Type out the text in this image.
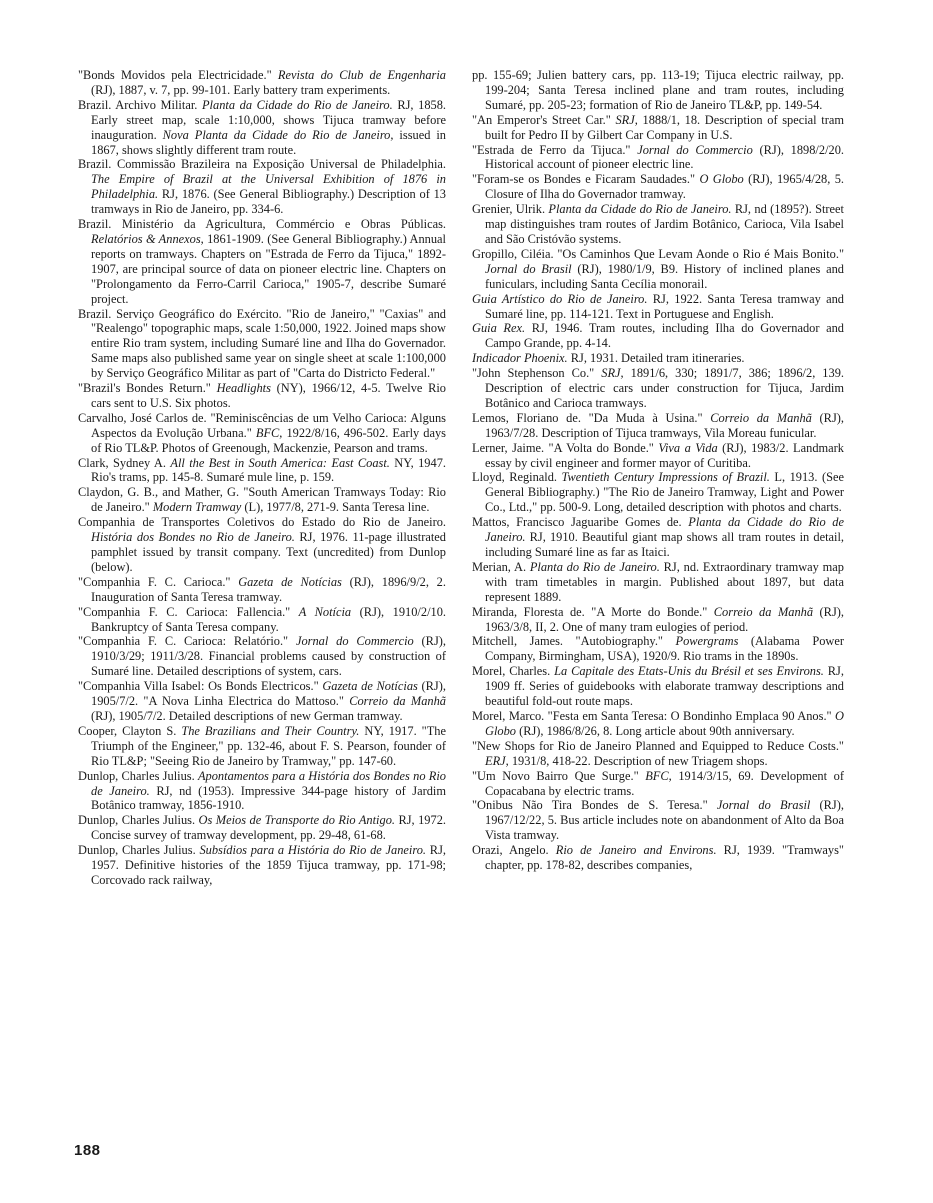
"Bonds Movidos pela Electricidade." Revista do Club de Engenharia (RJ), 1887, v. 7, pp. 99-101. Early battery tram experiments.

Brazil. Archivo Militar. Planta da Cidade do Rio de Janeiro. RJ, 1858. Early street map, scale 1:10,000, shows Tijuca tramway before inauguration. Nova Planta da Cidade do Rio de Janeiro, issued in 1867, shows slightly different tram route.

Brazil. Commissão Brazileira na Exposição Universal de Philadelphia. The Empire of Brazil at the Universal Exhibition of 1876 in Philadelphia. RJ, 1876. (See General Bibliography.) Description of 13 tramways in Rio de Janeiro, pp. 334-6.

Brazil. Ministério da Agricultura, Commércio e Obras Públicas. Relatórios & Annexos, 1861-1909. (See General Bibliography.) Annual reports on tramways. Chapters on "Estrada de Ferro da Tijuca," 1892-1907, are principal source of data on pioneer electric line. Chapters on "Prolongamento da Ferro-Carril Carioca," 1905-7, describe Sumaré project.

Brazil. Serviço Geográfico do Exército. "Rio de Janeiro," "Caxias" and "Realengo" topographic maps, scale 1:50,000, 1922. Joined maps show entire Rio tram system, including Sumaré line and Ilha do Governador. Same maps also published same year on single sheet at scale 1:100,000 by Serviço Geográfico Militar as part of "Carta do Districto Federal."

"Brazil's Bondes Return." Headlights (NY), 1966/12, 4-5. Twelve Rio cars sent to U.S. Six photos.

Carvalho, José Carlos de. "Reminiscências de um Velho Carioca: Alguns Aspectos da Evolução Urbana." BFC, 1922/8/16, 496-502. Early days of Rio TL&P. Photos of Greenough, Mackenzie, Pearson and trams.

Clark, Sydney A. All the Best in South America: East Coast. NY, 1947. Rio's trams, pp. 145-8. Sumaré mule line, p. 159.

Claydon, G. B., and Mather, G. "South American Tramways Today: Rio de Janeiro." Modern Tramway (L), 1977/8, 271-9. Santa Teresa line.

Companhia de Transportes Coletivos do Estado do Rio de Janeiro. História dos Bondes no Rio de Janeiro. RJ, 1976. 11-page illustrated pamphlet issued by transit company. Text (uncredited) from Dunlop (below).

"Companhia F. C. Carioca." Gazeta de Notícias (RJ), 1896/9/2, 2. Inauguration of Santa Teresa tramway.

"Companhia F. C. Carioca: Fallencia." A Notícia (RJ), 1910/2/10. Bankruptcy of Santa Teresa company.

"Companhia F. C. Carioca: Relatório." Jornal do Commercio (RJ), 1910/3/29; 1911/3/28. Financial problems caused by construction of Sumaré line. Detailed descriptions of system, cars.

"Companhia Villa Isabel: Os Bonds Electricos." Gazeta de Notícias (RJ), 1905/7/2. "A Nova Linha Electrica do Mattoso." Correio da Manhã (RJ), 1905/7/2. Detailed descriptions of new German tramway.

Cooper, Clayton S. The Brazilians and Their Country. NY, 1917. "The Triumph of the Engineer," pp. 132-46, about F. S. Pearson, founder of Rio TL&P; "Seeing Rio de Janeiro by Tramway," pp. 147-60.

Dunlop, Charles Julius. Apontamentos para a História dos Bondes no Rio de Janeiro. RJ, nd (1953). Impressive 344-page history of Jardim Botânico tramway, 1856-1910.

Dunlop, Charles Julius. Os Meios de Transporte do Rio Antigo. RJ, 1972. Concise survey of tramway development, pp. 29-48, 61-68.

Dunlop, Charles Julius. Subsídios para a História do Rio de Janeiro. RJ, 1957. Definitive histories of the 1859 Tijuca tramway, pp. 171-98; Corcovado rack railway,

pp. 155-69; Julien battery cars, pp. 113-19; Tijuca electric railway, pp. 199-204; Santa Teresa inclined plane and tram routes, including Sumaré, pp. 205-23; formation of Rio de Janeiro TL&P, pp. 149-54.

"An Emperor's Street Car." SRJ, 1888/1, 18. Description of special tram built for Pedro II by Gilbert Car Company in U.S.

"Estrada de Ferro da Tijuca." Jornal do Commercio (RJ), 1898/2/20. Historical account of pioneer electric line.

"Foram-se os Bondes e Ficaram Saudades." O Globo (RJ), 1965/4/28, 5. Closure of Ilha do Governador tramway.

Grenier, Ulrik. Planta da Cidade do Rio de Janeiro. RJ, nd (1895?). Street map distinguishes tram routes of Jardim Botânico, Carioca, Vila Isabel and São Cristóvão systems.

Gropillo, Ciléia. "Os Caminhos Que Levam Aonde o Rio é Mais Bonito." Jornal do Brasil (RJ), 1980/1/9, B9. History of inclined planes and funiculars, including Santa Cecília monorail.

Guia Artístico do Rio de Janeiro. RJ, 1922. Santa Teresa tramway and Sumaré line, pp. 114-121. Text in Portuguese and English.

Guia Rex. RJ, 1946. Tram routes, including Ilha do Governador and Campo Grande, pp. 4-14.

Indicador Phoenix. RJ, 1931. Detailed tram itineraries.

"John Stephenson Co." SRJ, 1891/6, 330; 1891/7, 386; 1896/2, 139. Description of electric cars under construction for Tijuca, Jardim Botânico and Carioca tramways.

Lemos, Floriano de. "Da Muda à Usina." Correio da Manhã (RJ), 1963/7/28. Description of Tijuca tramways, Vila Moreau funicular.

Lerner, Jaime. "A Volta do Bonde." Viva a Vida (RJ), 1983/2. Landmark essay by civil engineer and former mayor of Curitiba.

Lloyd, Reginald. Twentieth Century Impressions of Brazil. L, 1913. (See General Bibliography.) "The Rio de Janeiro Tramway, Light and Power Co., Ltd.," pp. 500-9. Long, detailed description with photos and charts.

Mattos, Francisco Jaguaribe Gomes de. Planta da Cidade do Rio de Janeiro. RJ, 1910. Beautiful giant map shows all tram routes in detail, including Sumaré line as far as Itaici.

Merian, A. Planta do Rio de Janeiro. RJ, nd. Extraordinary tramway map with tram timetables in margin. Published about 1897, but data represent 1889.

Miranda, Floresta de. "A Morte do Bonde." Correio da Manhã (RJ), 1963/3/8, II, 2. One of many tram eulogies of period.

Mitchell, James. "Autobiography." Powergrams (Alabama Power Company, Birmingham, USA), 1920/9. Rio trams in the 1890s.

Morel, Charles. La Capitale des Etats-Unis du Brésil et ses Environs. RJ, 1909 ff. Series of guidebooks with elaborate tramway descriptions and beautiful fold-out route maps.

Morel, Marco. "Festa em Santa Teresa: O Bondinho Emplaca 90 Anos." O Globo (RJ), 1986/8/26, 8. Long article about 90th anniversary.

"New Shops for Rio de Janeiro Planned and Equipped to Reduce Costs." ERJ, 1931/8, 418-22. Description of new Triagem shops.

"Um Novo Bairro Que Surge." BFC, 1914/3/15, 69. Development of Copacabana by electric trams.

"Onibus Não Tira Bondes de S. Teresa." Jornal do Brasil (RJ), 1967/12/22, 5. Bus article includes note on abandonment of Alto da Boa Vista tramway.

Orazi, Angelo. Rio de Janeiro and Environs. RJ, 1939. "Tramways" chapter, pp. 178-82, describes companies,

188
